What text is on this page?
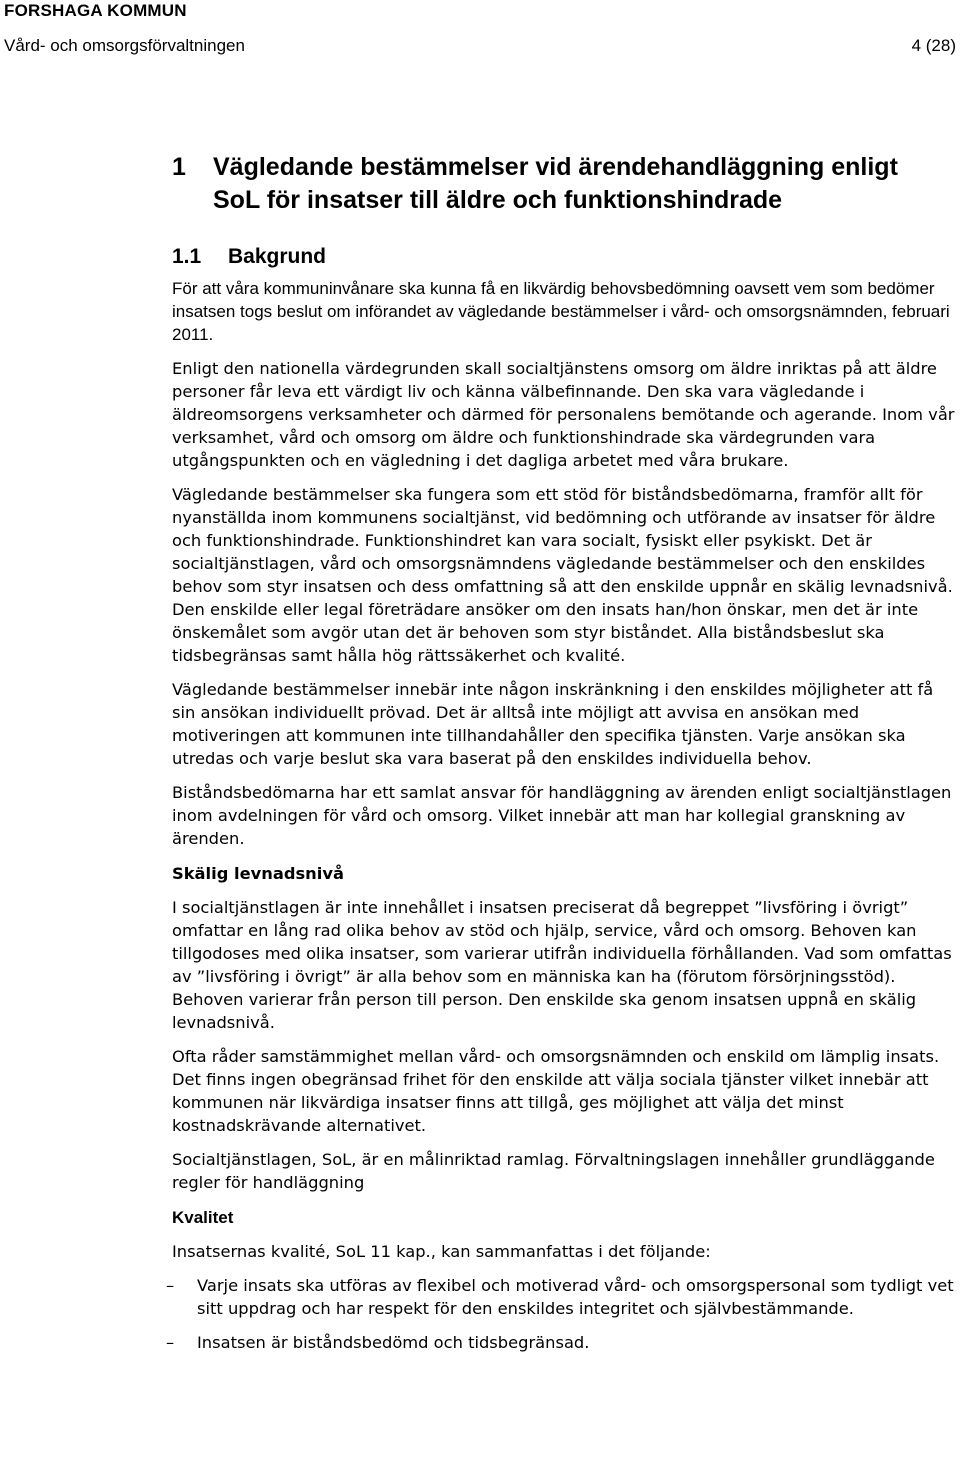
FORSHAGA KOMMUN
Vård- och omsorgsförvaltningen	4 (28)
1 Vägledande bestämmelser vid ärendehandläggning enligt
SoL för insatser till äldre och funktionshindrade
1.1 Bakgrund

För att våra kommuninvånare ska kunna få en likvärdig behovsbedömning oavsett vem som bedömer insatsen togs beslut om införandet av vägledande bestämmelser i vård- och omsorgsnämnden, februari 2011.

Enligt den nationella värdegrunden skall socialtjänstens omsorg om äldre inriktas på att äldre personer får leva ett värdigt liv och känna välbefinnande. Den ska vara vägledande i äldreomsorgens verksamheter och därmed för personalens bemötande och agerande. Inom vår verksamhet, vård och omsorg om äldre och funktionshindrade ska värdegrunden vara utgångspunkten och en vägledning i det dagliga arbetet med våra brukare.

Vägledande bestämmelser ska fungera som ett stöd för biståndsbedömarna, framför allt för nyanställda inom kommunens socialtjänst, vid bedömning och utförande av insatser för äldre och funktionshindrade. Funktionshindret kan vara socialt, fysiskt eller psykiskt. Det är socialtjänstlagen, vård och omsorgsnämndens vägledande bestämmelser och den enskildes behov som styr insatsen och dess omfattning så att den enskilde uppnår en skälig levnadsnivå. Den enskilde eller legal företrädare ansöker om den insats han/hon önskar, men det är inte önskemålet som avgör utan det är behoven som styr biståndet. Alla biståndsbeslut ska tidsbegränsas samt hålla hög rättssäkerhet och kvalité.

Vägledande bestämmelser innebär inte någon inskränkning i den enskildes möjligheter att få sin ansökan individuellt prövad. Det är alltså inte möjligt att avvisa en ansökan med motiveringen att kommunen inte tillhandahåller den specifika tjänsten. Varje ansökan ska utredas och varje beslut ska vara baserat på den enskildes individuella behov.

Biståndsbedömarna har ett samlat ansvar för handläggning av ärenden enligt socialtjänstlagen inom avdelningen för vård och omsorg. Vilket innebär att man har kollegial granskning av ärenden.

Skälig levnadsnivå

I socialtjänstlagen är inte innehållet i insatsen preciserat då begreppet ”livsföring i övrigt” omfattar en lång rad olika behov av stöd och hjälp, service, vård och omsorg. Behoven kan tillgodoses med olika insatser, som varierar utifrån individuella förhållanden. Vad som omfattas av ”livsföring i övrigt” är alla behov som en människa kan ha (förutom försörjningsstöd). Behoven varierar från person till person. Den enskilde ska genom insatsen uppnå en skälig levnadsnivå.

Ofta råder samstämmighet mellan vård- och omsorgsnämnden och enskild om lämplig insats. Det finns ingen obegränsad frihet för den enskilde att välja sociala tjänster vilket innebär att kommunen när likvärdiga insatser finns att tillgå, ges möjlighet att välja det minst kostnadskrävande alternativet.

Socialtjänstlagen, SoL, är en målinriktad ramlag. Förvaltningslagen innehåller grundläggande regler för handläggning

Kvalitet

Insatsernas kvalité, SoL 11 kap., kan sammanfattas i det följande:

– Varje insats ska utföras av flexibel och motiverad vård- och omsorgspersonal som tydligt vet sitt uppdrag och har respekt för den enskildes integritet och självbestämmande.
– Insatsen är biståndsbedömd och tidsbegränsad.
